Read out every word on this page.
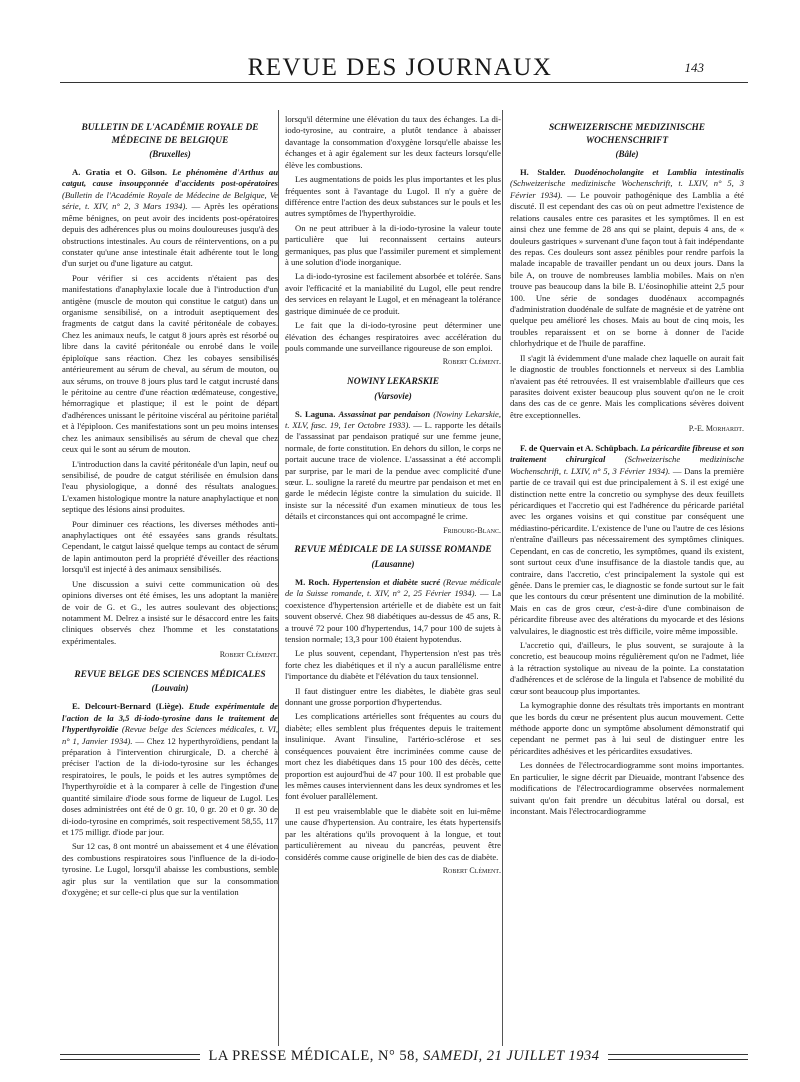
REVUE DES JOURNAUX	143
BULLETIN DE L'ACADÉMIE ROYALE DE MÉDECINE DE BELGIQUE
(Bruxelles)

A. Gratia et O. Gilson. Le phénomène d'Arthus au catgut, cause insoupçonnée d'accidents post-opératoires (Bulletin de l'Académie Royale de Médecine de Belgique, Ve série, t. XIV, n° 2, 3 Mars 1934). — Après les opérations même bénignes, on peut avoir des incidents post-opératoires depuis des adhérences plus ou moins douloureuses jusqu'à des obstructions intestinales. Au cours de réinterventions, on a pu constater qu'une anse intestinale était adhérente tout le long d'un surjet ou d'une ligature au catgut.

Pour vérifier si ces accidents n'étaient pas des manifestations d'anaphylaxie locale due à l'introduction d'un antigène (muscle de mouton qui constitue le catgut) dans un organisme sensibilisé, on a introduit aseptiquement des fragments de catgut dans la cavité péritonéale de cobayes. Chez les animaux neufs, le catgut 8 jours après est résorbé ou libre dans la cavité péritonéale ou enrobé dans le voile épiploïque sans réaction. Chez les cobayes sensibilisés antérieurement au sérum de cheval, au sérum de mouton, ou aux sérums, on trouve 8 jours plus tard le catgut incrusté dans le péritoine au centre d'une réaction œdémateuse, congestive, hémorragique et plastique; il est le point de départ d'adhérences unissant le péritoine viscéral au péritoine pariétal et à l'épiploon. Ces manifestations sont un peu moins intenses chez les animaux sensibilisés au sérum de cheval que chez ceux qui le sont au sérum de mouton.

L'introduction dans la cavité péritonéale d'un lapin, neuf ou sensibilisé, de poudre de catgut stérilisée en émulsion dans l'eau physiologique, a donné des résultats analogues. L'examen histologique montre la nature anaphylactique et non septique des lésions ainsi produites.

Pour diminuer ces réactions, les diverses méthodes anti-anaphylactiques ont été essayées sans grands résultats. Cependant, le catgut laissé quelque temps au contact de sérum de lapin antimouton perd la propriété d'éveiller des réactions lorsqu'il est injecté à des animaux sensibilisés.

Une discussion a suivi cette communication où des opinions diverses ont été émises, les uns adoptant la manière de voir de G. et G., les autres soulevant des objections; notamment M. Delrez a insisté sur le désaccord entre les faits cliniques observés chez l'homme et les constatations expérimentales.

Robert Clément.
REVUE BELGE DES SCIENCES MÉDICALES
(Louvain)

E. Delcourt-Bernard (Liège). Etude expérimentale de l'action de la 3,5 di-iodo-tyrosine dans le traitement de l'hyperthyroïdie (Revue belge des Sciences médicales, t. VI, n° 1, Janvier 1934). — Chez 12 hyperthyroïdiens, pendant la préparation à l'intervention chirurgicale, D. a cherché à préciser l'action de la di-iodo-tyrosine sur les échanges respiratoires, le pouls, le poids et les autres symptômes de l'hyperthyroïdie et à la comparer à celle de l'ingestion d'une quantité similaire d'iode sous forme de liqueur de Lugol. Les doses administrées ont été de 0 gr. 10, 0 gr. 20 et 0 gr. 30 de di-iodo-tyrosine en comprimés, soit respectivement 58,55, 117 et 175 milligr. d'iode par jour.

Sur 12 cas, 8 ont montré un abaissement et 4 une élévation des combustions respiratoires sous l'influence de la di-iodo-tyrosine. Le Lugol, lorsqu'il abaisse les combustions, semble agir plus sur la ventilation que sur la consommation d'oxygène; et sur celle-ci plus que sur la ventilation

lorsqu'il détermine une élévation du taux des échanges. La di-iodo-tyrosine, au contraire, a plutôt tendance à abaisser davantage la consommation d'oxygène lorsqu'elle abaisse les échanges et à agir également sur les deux facteurs lorsqu'elle élève les combustions.

Les augmentations de poids les plus importantes et les plus fréquentes sont à l'avantage du Lugol. Il n'y a guère de différence entre l'action des deux substances sur le pouls et les autres symptômes de l'hyperthyroïdie.

On ne peut attribuer à la di-iodo-tyrosine la valeur toute particulière que lui reconnaissent certains auteurs germaniques, pas plus que l'assimiler purement et simplement à une solution d'iode inorganique.

La di-iodo-tyrosine est facilement absorbée et tolérée. Sans avoir l'efficacité et la maniabilité du Lugol, elle peut rendre des services en relayant le Lugol, et en ménageant la tolérance gastrique diminuée de ce produit.

Le fait que la di-iodo-tyrosine peut déterminer une élévation des échanges respiratoires avec accélération du pouls commande une surveillance rigoureuse de son emploi.

Robert Clément.
NOWINY LEKARSKIE
(Varsovie)

S. Laguna. Assassinat par pendaison (Nowiny Lekarskie, t. XLV, fasc. 19, 1er Octobre 1933). — L. rapporte les détails de l'assassinat par pendaison pratiqué sur une femme jeune, normale, de forte constitution. En dehors du sillon, le corps ne portait aucune trace de violence. L'assassinat a été accompli par surprise, par le mari de la pendue avec complicité d'une sœur. L. souligne la rareté du meurtre par pendaison et met en garde le médecin légiste contre la simulation du suicide. Il insiste sur la nécessité d'un examen minutieux de tous les détails et circonstances qui ont accompagné le crime.

Fribourg-Blanc.
REVUE MÉDICALE DE LA SUISSE ROMANDE
(Lausanne)

M. Roch. Hypertension et diabète sucré (Revue médicale de la Suisse romande, t. XIV, n° 2, 25 Février 1934). — La coexistence d'hypertension artérielle et de diabète est un fait souvent observé. Chez 98 diabétiques au-dessus de 45 ans, R. a trouvé 72 pour 100 d'hypertendus, 14,7 pour 100 de sujets à tension normale; 13,3 pour 100 étaient hypotendus.

Le plus souvent, cependant, l'hypertension n'est pas très forte chez les diabétiques et il n'y a aucun parallélisme entre l'importance du diabète et l'élévation du taux tensionnel.

Il faut distinguer entre les diabètes, le diabète gras seul donnant une grosse porportion d'hypertendus.

Les complications artérielles sont fréquentes au cours du diabète; elles semblent plus fréquentes depuis le traitement insulinique. Avant l'insuline, l'artério-sclérose et ses conséquences pouvaient être incriminées comme cause de mort chez les diabétiques dans 15 pour 100 des décès, cette proportion est aujourd'hui de 47 pour 100. Il est probable que les mêmes causes interviennent dans les deux syndromes et les font évoluer parallèlement.

Il est peu vraisemblable que le diabète soit en lui-même une cause d'hypertension. Au contraire, les états hypertensifs par les altérations qu'ils provoquent à la longue, et tout particulièrement au niveau du pancréas, peuvent être considérés comme cause originelle de bien des cas de diabète.

Robert Clément.
SCHWEIZERISCHE MEDIZINISCHE WOCHENSCHRIFT
(Bâle)

H. Stalder. Duodénocholangite et Lamblia intestinalis (Schweizerische medizinische Wochenschrift, t. LXIV, n° 5, 3 Février 1934). — Le pouvoir pathogénique des Lamblia a été discuté. Il est cependant des cas où on peut admettre l'existence de relations causales entre ces parasites et les symptômes. Il en est ainsi chez une femme de 28 ans qui se plaint, depuis 4 ans, de « douleurs gastriques » survenant d'une façon tout à fait indépendante des repas. Ces douleurs sont assez pénibles pour rendre parfois la malade incapable de travailler pendant un ou deux jours. Dans la bile A, on trouve de nombreuses lamblia mobiles. Mais on n'en trouve pas beaucoup dans la bile B. L'éosinophilie atteint 2,5 pour 100. Une série de sondages duodénaux accompagnés d'administration duodénale de sulfate de magnésie et de yatrène ont quelque peu amélioré les choses. Mais au bout de cinq mois, les troubles reparaissent et on se borne à donner de l'acide chlorhydrique et de l'huile de paraffine.

Il s'agit là évidemment d'une malade chez laquelle on aurait fait le diagnostic de troubles fonctionnels et nerveux si des Lamblia n'avaient pas été retrouvées. Il est vraisemblable d'ailleurs que ces parasites doivent exister beaucoup plus souvent qu'on ne le croit dans des cas de ce genre. Mais les complications sévères doivent être exceptionnelles.

P.-E. Morhardt.

F. de Quervain et A. Schüpbach. La péricardite fibreuse et son traitement chirurgical (Schweizerische medizinische Wochenschrift, t. LXIV, n° 5, 3 Février 1934). — Dans la première partie de ce travail qui est due principalement à S. il est exigé une distinction nette entre la concretio ou symphyse des deux feuillets péricardiques et l'accretio qui est l'adhérence du péricarde pariétal avec les organes voisins et qui constitue par conséquent une médiastino-péricardite. L'existence de l'une ou l'autre de ces lésions n'entraîne d'ailleurs pas nécessairement des symptômes cliniques. Cependant, en cas de concretio, les symptômes, quand ils existent, sont surtout ceux d'une insuffisance de la diastole tandis que, au contraire, dans l'accretio, c'est principalement la systole qui est gênée. Dans le premier cas, le diagnostic se fonde surtout sur le fait que les contours du cœur présentent une diminution de la mobilité. Mais en cas de gros cœur, c'est-à-dire d'une combinaison de péricardite fibreuse avec des altérations du myocarde et des lésions valvulaires, le diagnostic est très difficile, voire même impossible.

L'accretio qui, d'ailleurs, le plus souvent, se surajoute à la concretio, est beaucoup moins régulièrement qu'on ne l'admet, liée à la rétraction systolique au niveau de la pointe. La constatation d'adhérences et de sclérose de la lingula et l'absence de mobilité du cœur sont beaucoup plus importantes.

La kymographie donne des résultats très importants en montrant que les bords du cœur ne présentent plus aucun mouvement. Cette méthode apporte donc un symptôme absolument démonstratif qui cependant ne permet pas à lui seul de distinguer entre les péricardites adhésives et les péricardites exsudatives.

Les données de l'électrocardiogramme sont moins importantes. En particulier, le signe décrit par Dieuaide, montrant l'absence des modifications de l'électrocardiogramme observées normalement suivant qu'on fait prendre un décubitus latéral ou dorsal, est inconstant. Mais l'électrocardiogramme

LA PRESSE MÉDICALE, N° 58, SAMEDI, 21 JUILLET 1934
